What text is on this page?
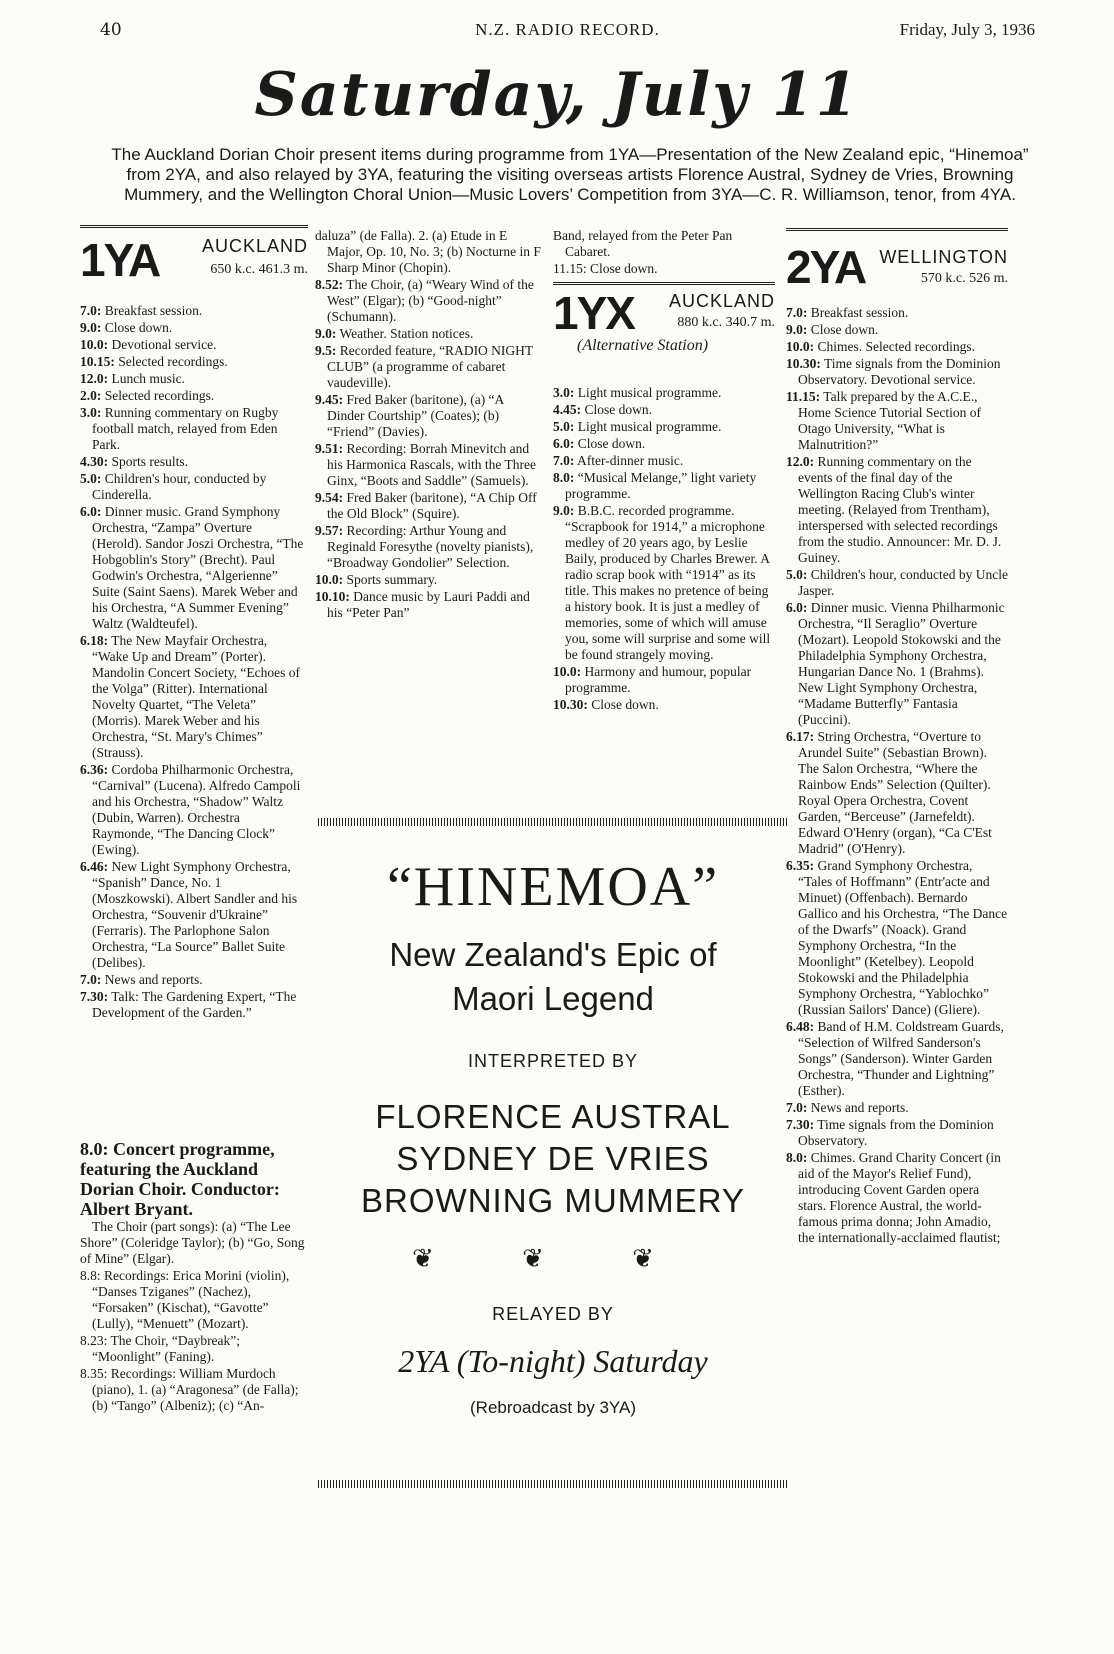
40	N.Z. RADIO RECORD.	Friday, July 3, 1936
Saturday, July 11
The Auckland Dorian Choir present items during programme from 1YA—Presentation of the New Zealand epic, “Hinemoa” from 2YA, and also relayed by 3YA, featuring the visiting overseas artists Florence Austral, Sydney de Vries, Browning Mummery, and the Wellington Choral Union—Music Lovers’ Competition from 3YA—C. R. Williamson, tenor, from 4YA.
1YA AUCKLAND
650 k.c. 461.3 m.
7.0: Breakfast session.
9.0: Close down.
10.0: Devotional service.
10.15: Selected recordings.
12.0: Lunch music.
2.0: Selected recordings.
3.0: Running commentary on Rugby football match, relayed from Eden Park.
4.30: Sports results.
5.0: Children's hour, conducted by Cinderella.
6.0: Dinner music. Grand Symphony Orchestra, “Zampa” Overture (Herold). Sandor Joszi Orchestra, “The Hobgoblin's Story” (Brecht). Paul Godwin's Orchestra, “Algerienne” Suite (Saint Saens). Marek Weber and his Orchestra, “A Summer Evening” Waltz (Waldteufel).
6.18: The New Mayfair Orchestra, “Wake Up and Dream” (Porter). Mandolin Concert Society, “Echoes of the Volga” (Ritter). International Novelty Quartet, “The Veleta” (Morris). Marek Weber and his Orchestra, “St. Mary's Chimes” (Strauss).
6.36: Cordoba Philharmonic Orchestra, “Carnival” (Lucena). Alfredo Campoli and his Orchestra, “Shadow” Waltz (Dubin, Warren). Orchestra Raymonde, “The Dancing Clock” (Ewing).
6.46: New Light Symphony Orchestra, “Spanish” Dance, No. 1 (Moszkowski). Albert Sandler and his Orchestra, “Souvenir d'Ukraine” (Ferraris). The Parlophone Salon Orchestra, “La Source” Ballet Suite (Delibes).
7.0: News and reports.
7.30: Talk: The Gardening Expert, “The Development of the Garden.”
8.0: Concert programme, featuring the Auckland Dorian Choir. Conductor: Albert Bryant.
The Choir (part songs): (a) “The Lee Shore” (Coleridge Taylor); (b) “Go, Song of Mine” (Elgar).
8.8: Recordings: Erica Morini (violin), “Danses Tziganes” (Nachez), “Forsaken” (Kischat), “Gavotte” (Lully), “Menuett” (Mozart).
8.23: The Choir, “Daybreak”; “Moonlight” (Faning).
8.35: Recordings: William Murdoch (piano), 1. (a) “Aragonesa” (de Falla); (b) “Tango” (Albeniz); (c) “An-
daluza” (de Falla). 2. (a) Etude in E Major, Op. 10, No. 3; (b) Nocturne in F Sharp Minor (Chopin).
8.52: The Choir, (a) “Weary Wind of the West” (Elgar); (b) “Good-night” (Schumann).
9.0: Weather. Station notices.
9.5: Recorded feature, “RADIO NIGHT CLUB” (a programme of cabaret vaudeville).
9.45: Fred Baker (baritone), (a) “A Dinder Courtship” (Coates); (b) “Friend” (Davies).
9.51: Recording: Borrah Minevitch and his Harmonica Rascals, with the Three Ginx, “Boots and Saddle” (Samuels).
9.54: Fred Baker (baritone), “A Chip Off the Old Block” (Squire).
9.57: Recording: Arthur Young and Reginald Foresythe (novelty pianists), “Broadway Gondolier” Selection.
10.0: Sports summary.
10.10: Dance music by Lauri Paddi and his “Peter Pan”
Band, relayed from the Peter Pan Cabaret.
11.15: Close down.
1YX AUCKLAND
880 k.c. 340.7 m.
(Alternative Station)
3.0: Light musical programme.
4.45: Close down.
5.0: Light musical programme.
6.0: Close down.
7.0: After-dinner music.
8.0: “Musical Melange,” light variety programme.
9.0: B.B.C. recorded programme. “Scrapbook for 1914,” a microphone medley of 20 years ago, by Leslie Baily, produced by Charles Brewer. A radio scrap book with “1914” as its title. This makes no pretence of being a history book. It is just a medley of memories, some of which will amuse you, some will surprise and some will be found strangely moving.
10.0: Harmony and humour, popular programme.
10.30: Close down.
2YA WELLINGTON
570 k.c. 526 m.
7.0: Breakfast session.
9.0: Close down.
10.0: Chimes. Selected recordings.
10.30: Time signals from the Dominion Observatory. Devotional service.
11.15: Talk prepared by the A.C.E., Home Science Tutorial Section of Otago University, “What is Malnutrition?”
12.0: Running commentary on the events of the final day of the Wellington Racing Club's winter meeting. (Relayed from Trentham), interspersed with selected recordings from the studio. Announcer: Mr. D. J. Guiney.
5.0: Children's hour, conducted by Uncle Jasper.
6.0: Dinner music. Vienna Philharmonic Orchestra, “Il Seraglio” Overture (Mozart). Leopold Stokowski and the Philadelphia Symphony Orchestra, Hungarian Dance No. 1 (Brahms). New Light Symphony Orchestra, “Madame Butterfly” Fantasia (Puccini).
6.17: String Orchestra, “Overture to Arundel Suite” (Sebastian Brown). The Salon Orchestra, “Where the Rainbow Ends” Selection (Quilter). Royal Opera Orchestra, Covent Garden, “Berceuse” (Jarnefeldt). Edward O'Henry (organ), “Ca C'Est Madrid” (O'Henry).
6.35: Grand Symphony Orchestra, “Tales of Hoffmann” (Entr'acte and Minuet) (Offenbach). Bernardo Gallico and his Orchestra, “The Dance of the Dwarfs” (Noack). Grand Symphony Orchestra, “In the Moonlight” (Ketelbey). Leopold Stokowski and the Philadelphia Symphony Orchestra, “Yablochko” (Russian Sailors' Dance) (Gliere).
6.48: Band of H.M. Coldstream Guards, “Selection of Wilfred Sanderson's Songs” (Sanderson). Winter Garden Orchestra, “Thunder and Lightning” (Esther).
7.0: News and reports.
7.30: Time signals from the Dominion Observatory.
8.0: Chimes. Grand Charity Concert (in aid of the Mayor's Relief Fund), introducing Covent Garden opera stars. Florence Austral, the world-famous prima donna; John Amadio, the internationally-acclaimed flautist;
“HINEMOA”
New Zealand's Epic of
Maori Legend
INTERPRETED BY
FLORENCE AUSTRAL
SYDNEY DE VRIES
BROWNING MUMMERY
❦ ❦ ❦
RELAYED BY
2YA (To-night) Saturday
(Rebroadcast by 3YA)
